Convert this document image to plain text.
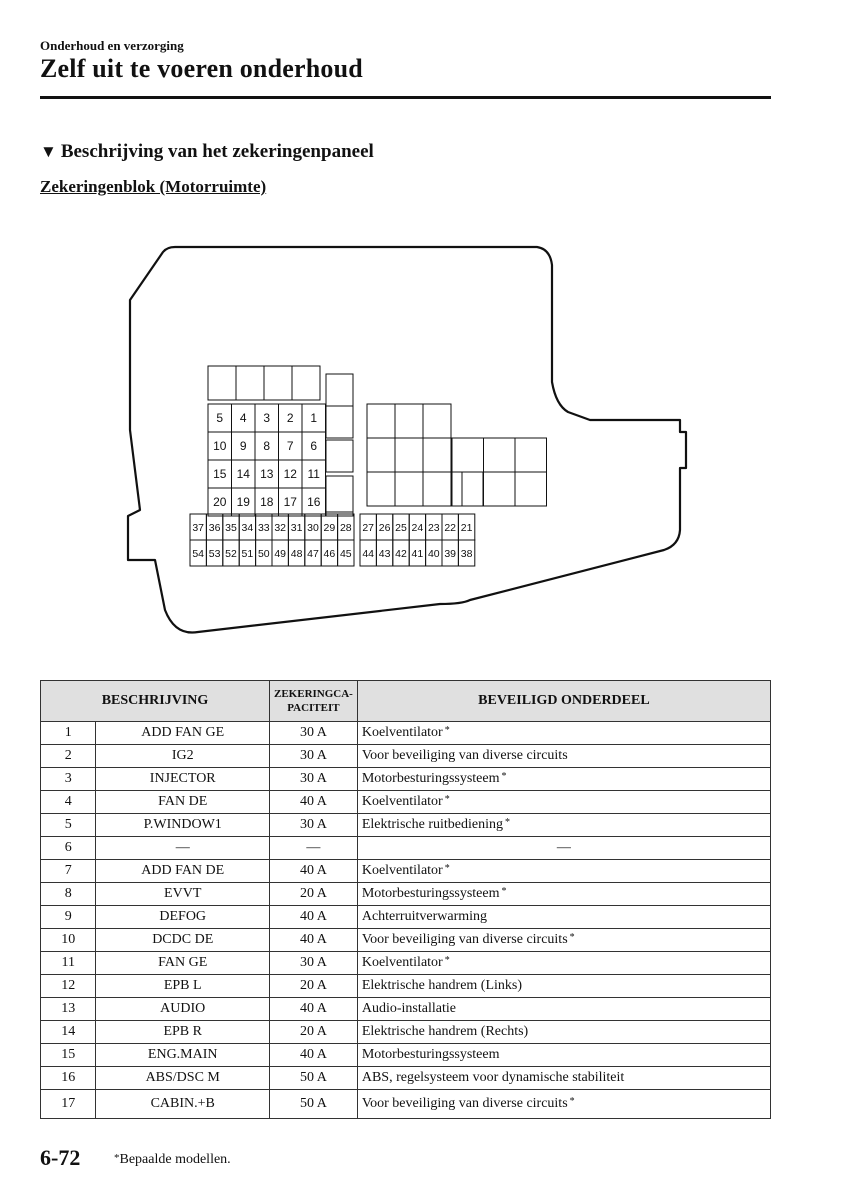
Onderhoud en verzorging
Zelf uit te voeren onderhoud
▼ Beschrijving van het zekeringenpaneel
Zekeringenblok (Motorruimte)
5 4 3 2 1
10 9 8 7 6
15 14 13 12 11
20 19 18 17 16
37 36 35 34 33 32 31 30 29 28
54 53 52 51 50 49 48 47 46 45
27 26 25 24 23 22 21
44 43 42 41 40 39 38
BESCHRIJVING		ZEKERINGCA-PACITEIT	BEVEILIGD ONDERDEEL
1	ADD FAN GE	30 A	Koelventilator *
2	IG2	30 A	Voor beveiliging van diverse circuits
3	INJECTOR	30 A	Motorbesturingssysteem *
4	FAN DE	40 A	Koelventilator *
5	P.WINDOW1	30 A	Elektrische ruitbediening *
6	—	—	—
7	ADD FAN DE	40 A	Koelventilator *
8	EVVT	20 A	Motorbesturingssysteem *
9	DEFOG	40 A	Achterruitverwarming
10	DCDC DE	40 A	Voor beveiliging van diverse circuits *
11	FAN GE	30 A	Koelventilator *
12	EPB L	20 A	Elektrische handrem (Links)
13	AUDIO	40 A	Audio-installatie
14	EPB R	20 A	Elektrische handrem (Rechts)
15	ENG.MAIN	40 A	Motorbesturingssysteem
16	ABS/DSC M	50 A	ABS, regelsysteem voor dynamische stabiliteit
17	CABIN.+B	50 A	Voor beveiliging van diverse circuits *
6-72	*Bepaalde modellen.
